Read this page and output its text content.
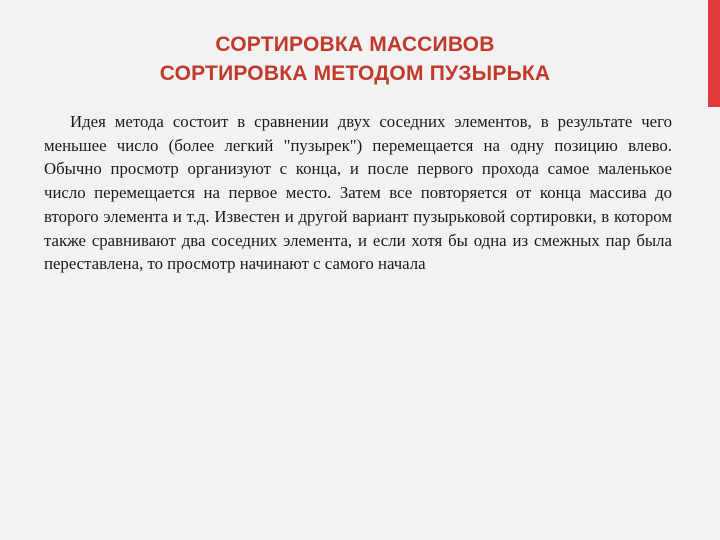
СОРТИРОВКА МАССИВОВ
СОРТИРОВКА МЕТОДОМ ПУЗЫРЬКА

Идея метода состоит в сравнении двух соседних элементов, в результате чего меньшее число (более легкий "пузырек") перемещается на одну позицию влево. Обычно просмотр организуют с конца, и после первого прохода самое маленькое число перемещается на первое место. Затем все повторяется от конца массива до второго элемента и т.д. Известен и другой вариант пузырьковой сортировки, в котором также сравнивают два соседних элемента, и если хотя бы одна из смежных пар была переставлена, то просмотр начинают с самого начала
